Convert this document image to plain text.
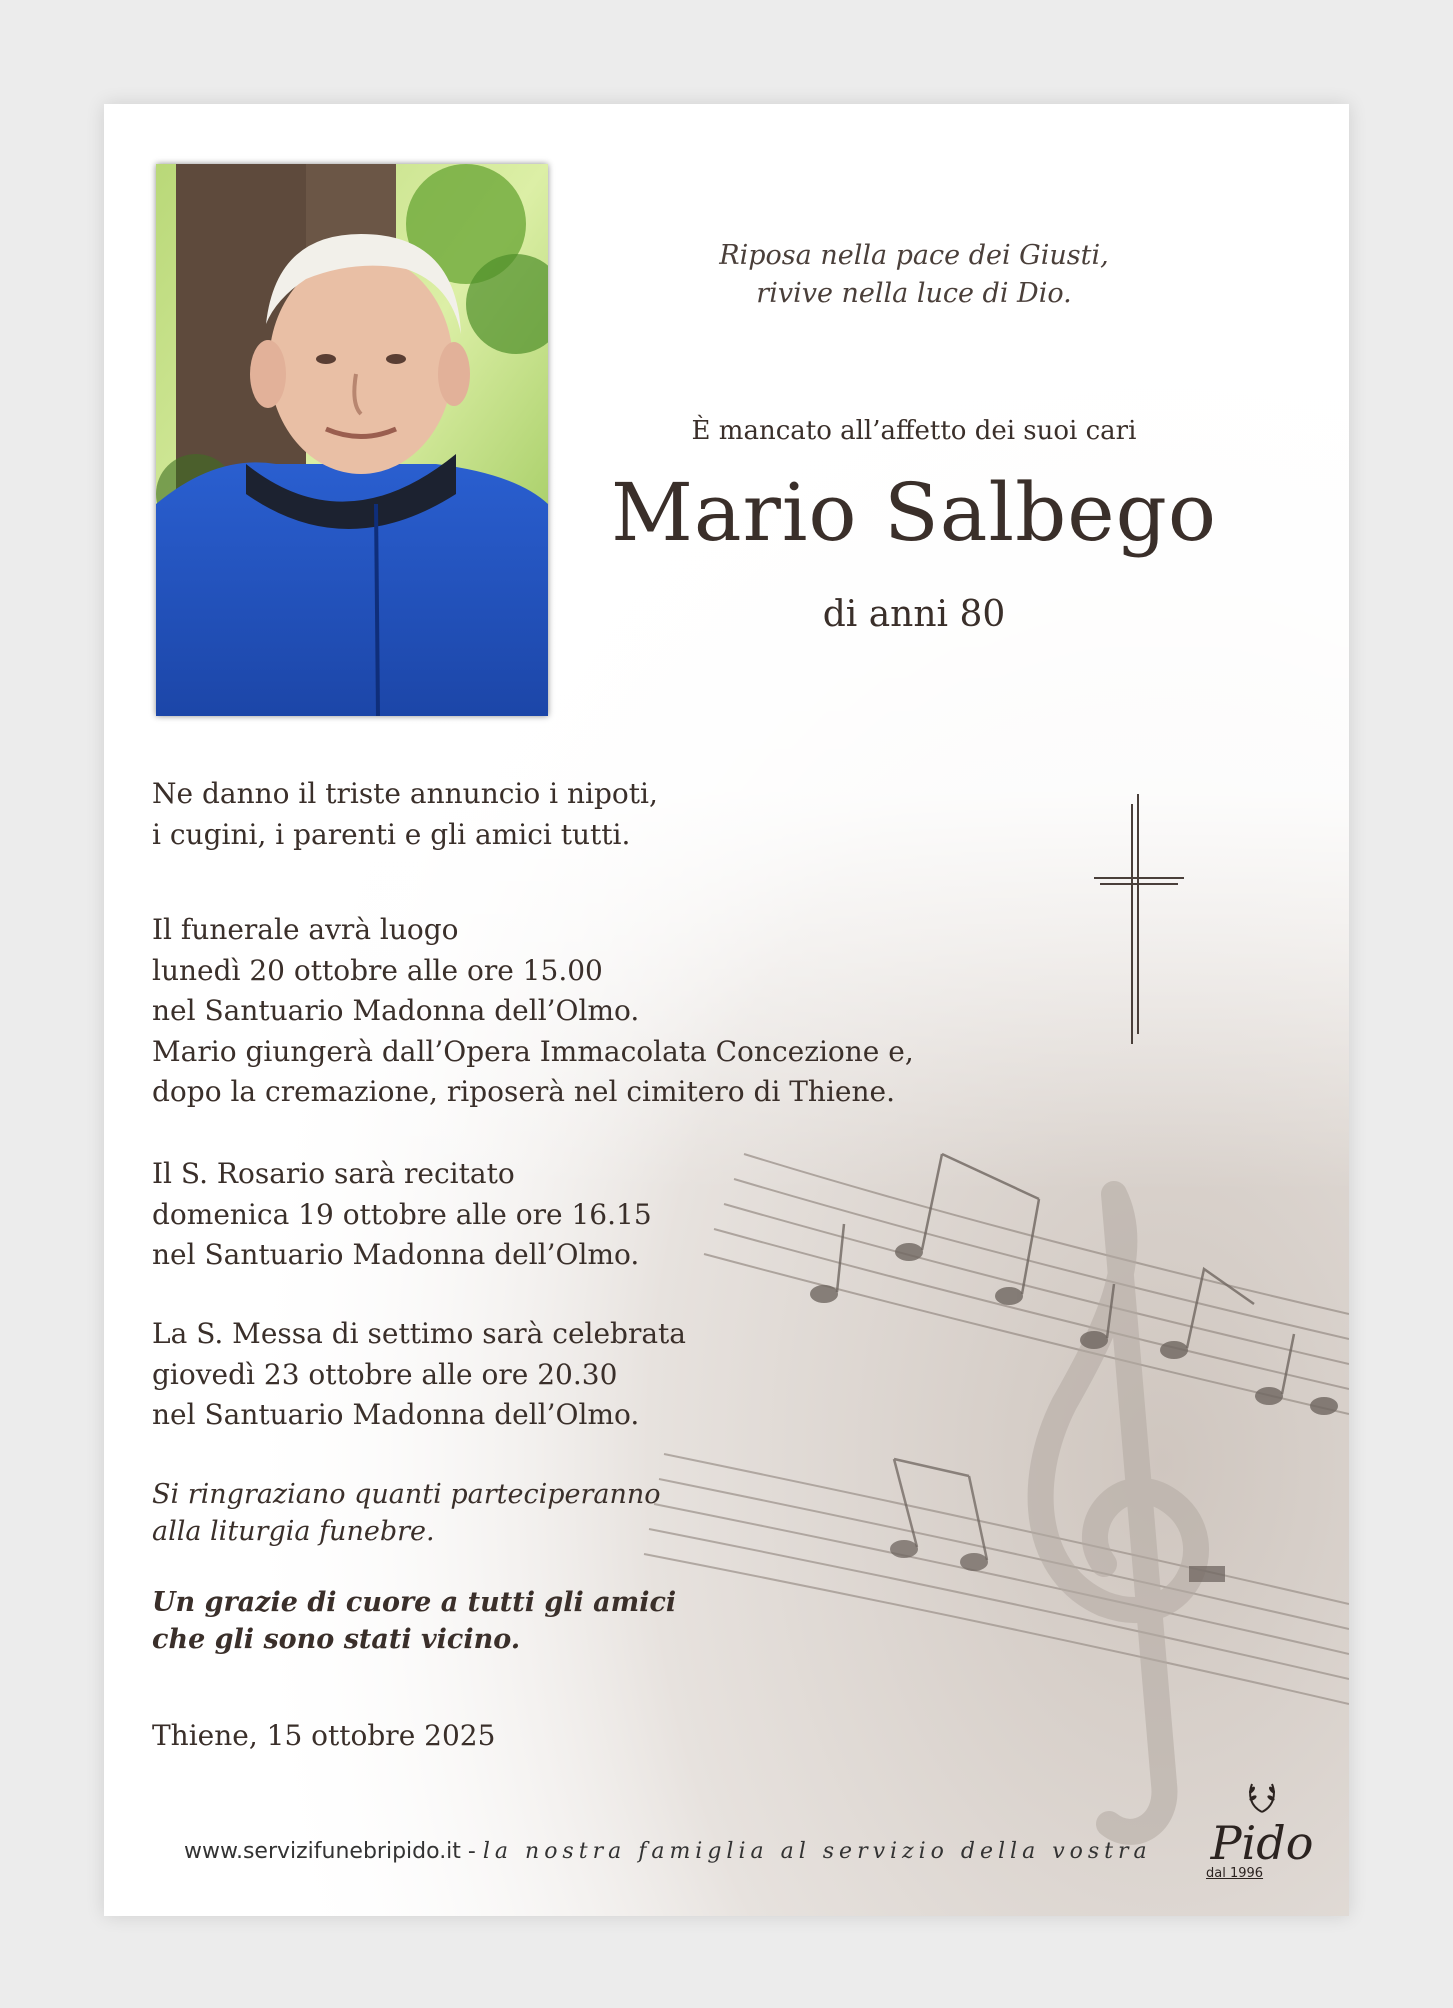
Riposa nella pace dei Giusti,
rivive nella luce di Dio.
È mancato all’affetto dei suoi cari
Mario Salbego
di anni 80
Ne danno il triste annuncio i nipoti,
i cugini, i parenti e gli amici tutti.
Il funerale avrà luogo
lunedì 20 ottobre alle ore 15.00
nel Santuario Madonna dell’Olmo.
Mario giungerà dall’Opera Immacolata Concezione e,
dopo la cremazione, riposerà nel cimitero di Thiene.
Il S. Rosario sarà recitato
domenica 19 ottobre alle ore 16.15
nel Santuario Madonna dell’Olmo.
La S. Messa di settimo sarà celebrata
giovedì 23 ottobre alle ore 20.30
nel Santuario Madonna dell’Olmo.
Si ringraziano quanti parteciperanno
alla liturgia funebre.
Un grazie di cuore a tutti gli amici
che gli sono stati vicino.
Thiene, 15 ottobre 2025
www.servizifunebripido.it - la nostra famiglia al servizio della vostra Pido
dal 1996
